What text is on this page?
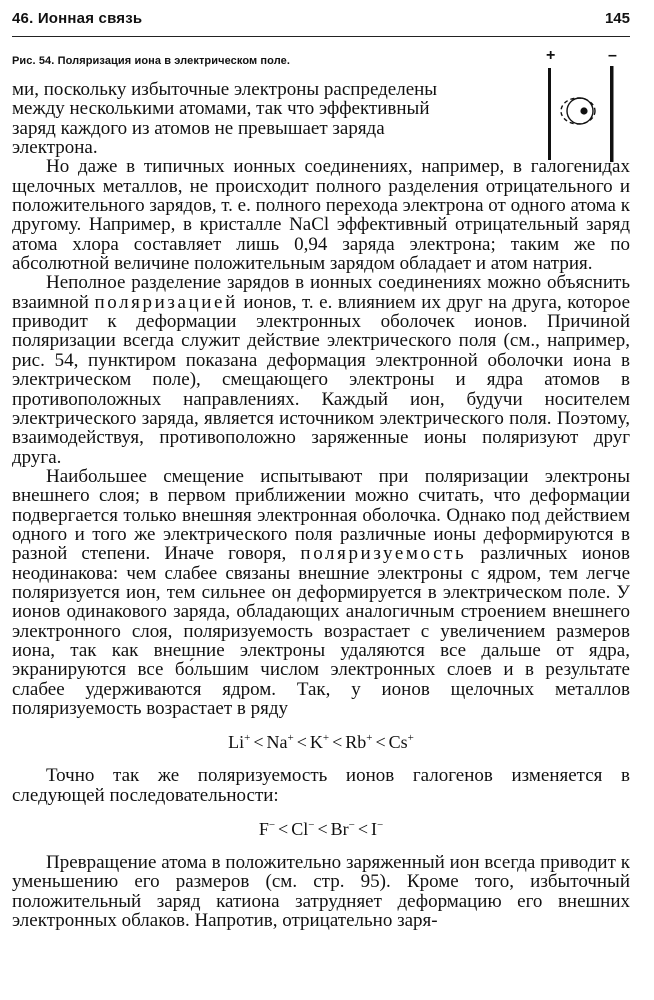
46. Ионная связь	145
Рис. 54. Поляризация иона в электрическом поле.	+	–

ми, поскольку избыточные электроны распределены
между несколькими атомами, так что эффективный
заряд каждого из атомов не превышает заряда
электрона.

Но даже в типичных ионных соединениях, например, в галогенидах щелочных металлов, не происходит полного разделения отрицательного и положительного зарядов, т. е. полного перехода электрона от одного атома к другому. Например, в кристалле NaCl эффективный отрицательный заряд атома хлора составляет лишь 0,94 заряда электрона; таким же по абсолютной величине положительным зарядом обладает и атом натрия.

Неполное разделение зарядов в ионных соединениях можно объяснить взаимной поляризацией ионов, т. е. влиянием их друг на друга, которое приводит к деформации электронных оболочек ионов. Причиной поляризации всегда служит действие электрического поля (см., например, рис. 54, пунктиром показана деформация электронной оболочки иона в электрическом поле), смещающего электроны и ядра атомов в противоположных направлениях. Каждый ион, будучи носителем электрического заряда, является источником электрического поля. Поэтому, взаимодействуя, противоположно заряженные ионы поляризуют друг друга.

Наибольшее смещение испытывают при поляризации электроны внешнего слоя; в первом приближении можно считать, что деформации подвергается только внешняя электронная оболочка. Однако под действием одного и того же электрического поля различные ионы деформируются в разной степени. Иначе говоря, поляризуемость различных ионов неодинакова: чем слабее связаны внешние электроны с ядром, тем легче поляризуется ион, тем сильнее он деформируется в электрическом поле. У ионов одинакового заряда, обладающих аналогичным строением внешнего электронного слоя, поляризуемость возрастает с увеличением размеров иона, так как внешние электроны удаляются все дальше от ядра, экранируются все бо́льшим числом электронных слоев и в результате слабее удерживаются ядром. Так, у ионов щелочных металлов поляризуемость возрастает в ряду

Li+ < Na+ < K+ < Rb+ < Cs+

Точно так же поляризуемость ионов галогенов изменяется в следующей последовательности:

F− < Cl− < Br− < I−

Превращение атома в положительно заряженный ион всегда приводит к уменьшению его размеров (см. стр. 95). Кроме того, избыточный положительный заряд катиона затрудняет деформацию его внешних электронных облаков. Напротив, отрицательно заря-
